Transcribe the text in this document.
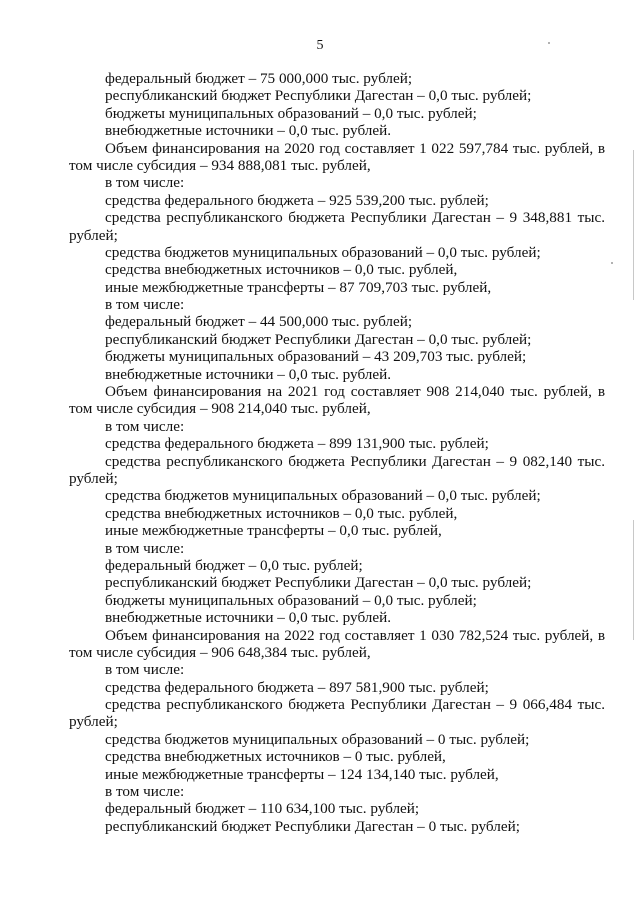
5
федеральный бюджет – 75 000,000 тыс. рублей;
республиканский бюджет Республики Дагестан – 0,0 тыс. рублей;
бюджеты муниципальных образований – 0,0 тыс. рублей;
внебюджетные источники – 0,0 тыс. рублей.
Объем финансирования на 2020 год составляет 1 022 597,784 тыс. рублей, в
том числе субсидия – 934 888,081 тыс. рублей,
в том числе:
средства федерального бюджета – 925 539,200 тыс. рублей;
средства республиканского бюджета Республики Дагестан – 9 348,881 тыс.
рублей;
средства бюджетов муниципальных образований – 0,0 тыс. рублей;
средства внебюджетных источников – 0,0 тыс. рублей,
иные межбюджетные трансферты – 87 709,703 тыс. рублей,
в том числе:
федеральный бюджет – 44 500,000 тыс. рублей;
республиканский бюджет Республики Дагестан – 0,0 тыс. рублей;
бюджеты муниципальных образований – 43 209,703 тыс. рублей;
внебюджетные источники – 0,0 тыс. рублей.
Объем финансирования на 2021 год составляет 908 214,040 тыс. рублей, в
том числе субсидия – 908 214,040 тыс. рублей,
в том числе:
средства федерального бюджета – 899 131,900 тыс. рублей;
средства республиканского бюджета Республики Дагестан – 9 082,140 тыс.
рублей;
средства бюджетов муниципальных образований – 0,0 тыс. рублей;
средства внебюджетных источников – 0,0 тыс. рублей,
иные межбюджетные трансферты – 0,0 тыс. рублей,
в том числе:
федеральный бюджет – 0,0 тыс. рублей;
республиканский бюджет Республики Дагестан – 0,0 тыс. рублей;
бюджеты муниципальных образований – 0,0 тыс. рублей;
внебюджетные источники – 0,0 тыс. рублей.
Объем финансирования на 2022 год составляет 1 030 782,524 тыс. рублей, в
том числе субсидия – 906 648,384 тыс. рублей,
в том числе:
средства федерального бюджета – 897 581,900 тыс. рублей;
средства республиканского бюджета Республики Дагестан – 9 066,484 тыс.
рублей;
средства бюджетов муниципальных образований – 0 тыс. рублей;
средства внебюджетных источников – 0 тыс. рублей,
иные межбюджетные трансферты – 124 134,140 тыс. рублей,
в том числе:
федеральный бюджет – 110 634,100 тыс. рублей;
республиканский бюджет Республики Дагестан – 0 тыс. рублей;
